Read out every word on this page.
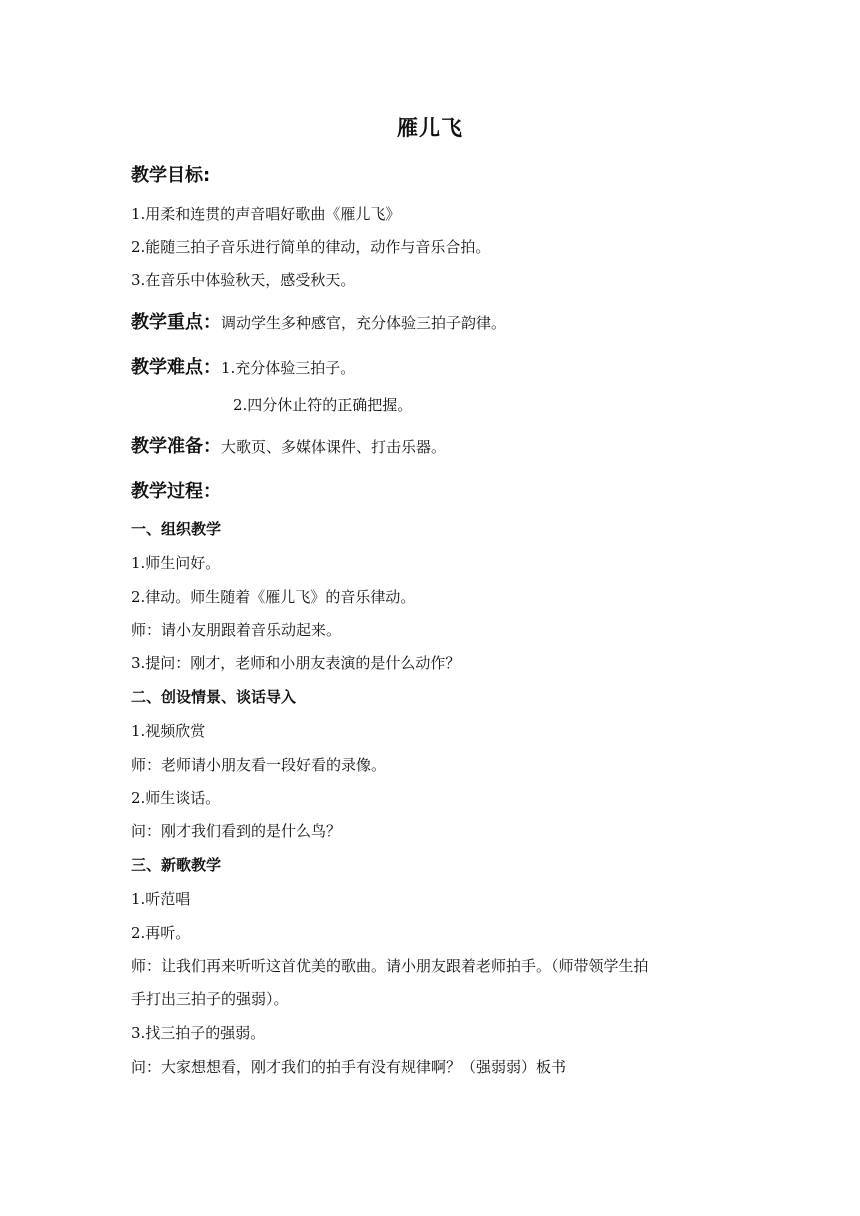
雁儿飞
教学目标:
1.用柔和连贯的声音唱好歌曲《雁儿飞》
2.能随三拍子音乐进行简单的律动，动作与音乐合拍。
3.在音乐中体验秋天，感受秋天。
教学重点：调动学生多种感官，充分体验三拍子韵律。
教学难点：1.充分体验三拍子。
2.四分休止符的正确把握。
教学准备：大歌页、多媒体课件、打击乐器。
教学过程：
一、组织教学
1.师生问好。
2.律动。师生随着《雁儿飞》的音乐律动。
师：请小友朋跟着音乐动起来。
3.提问：刚才，老师和小朋友表演的是什么动作？
二、创设情景、谈话导入
1.视频欣赏
师：老师请小朋友看一段好看的录像。
2.师生谈话。
问：刚才我们看到的是什么鸟？
三、新歌教学
1.听范唱
2.再听。
师：让我们再来听听这首优美的歌曲。请小朋友跟着老师拍手。（师带领学生拍
手打出三拍子的强弱）。
3.找三拍子的强弱。
问：大家想想看，刚才我们的拍手有没有规律啊？（强弱弱）板书
